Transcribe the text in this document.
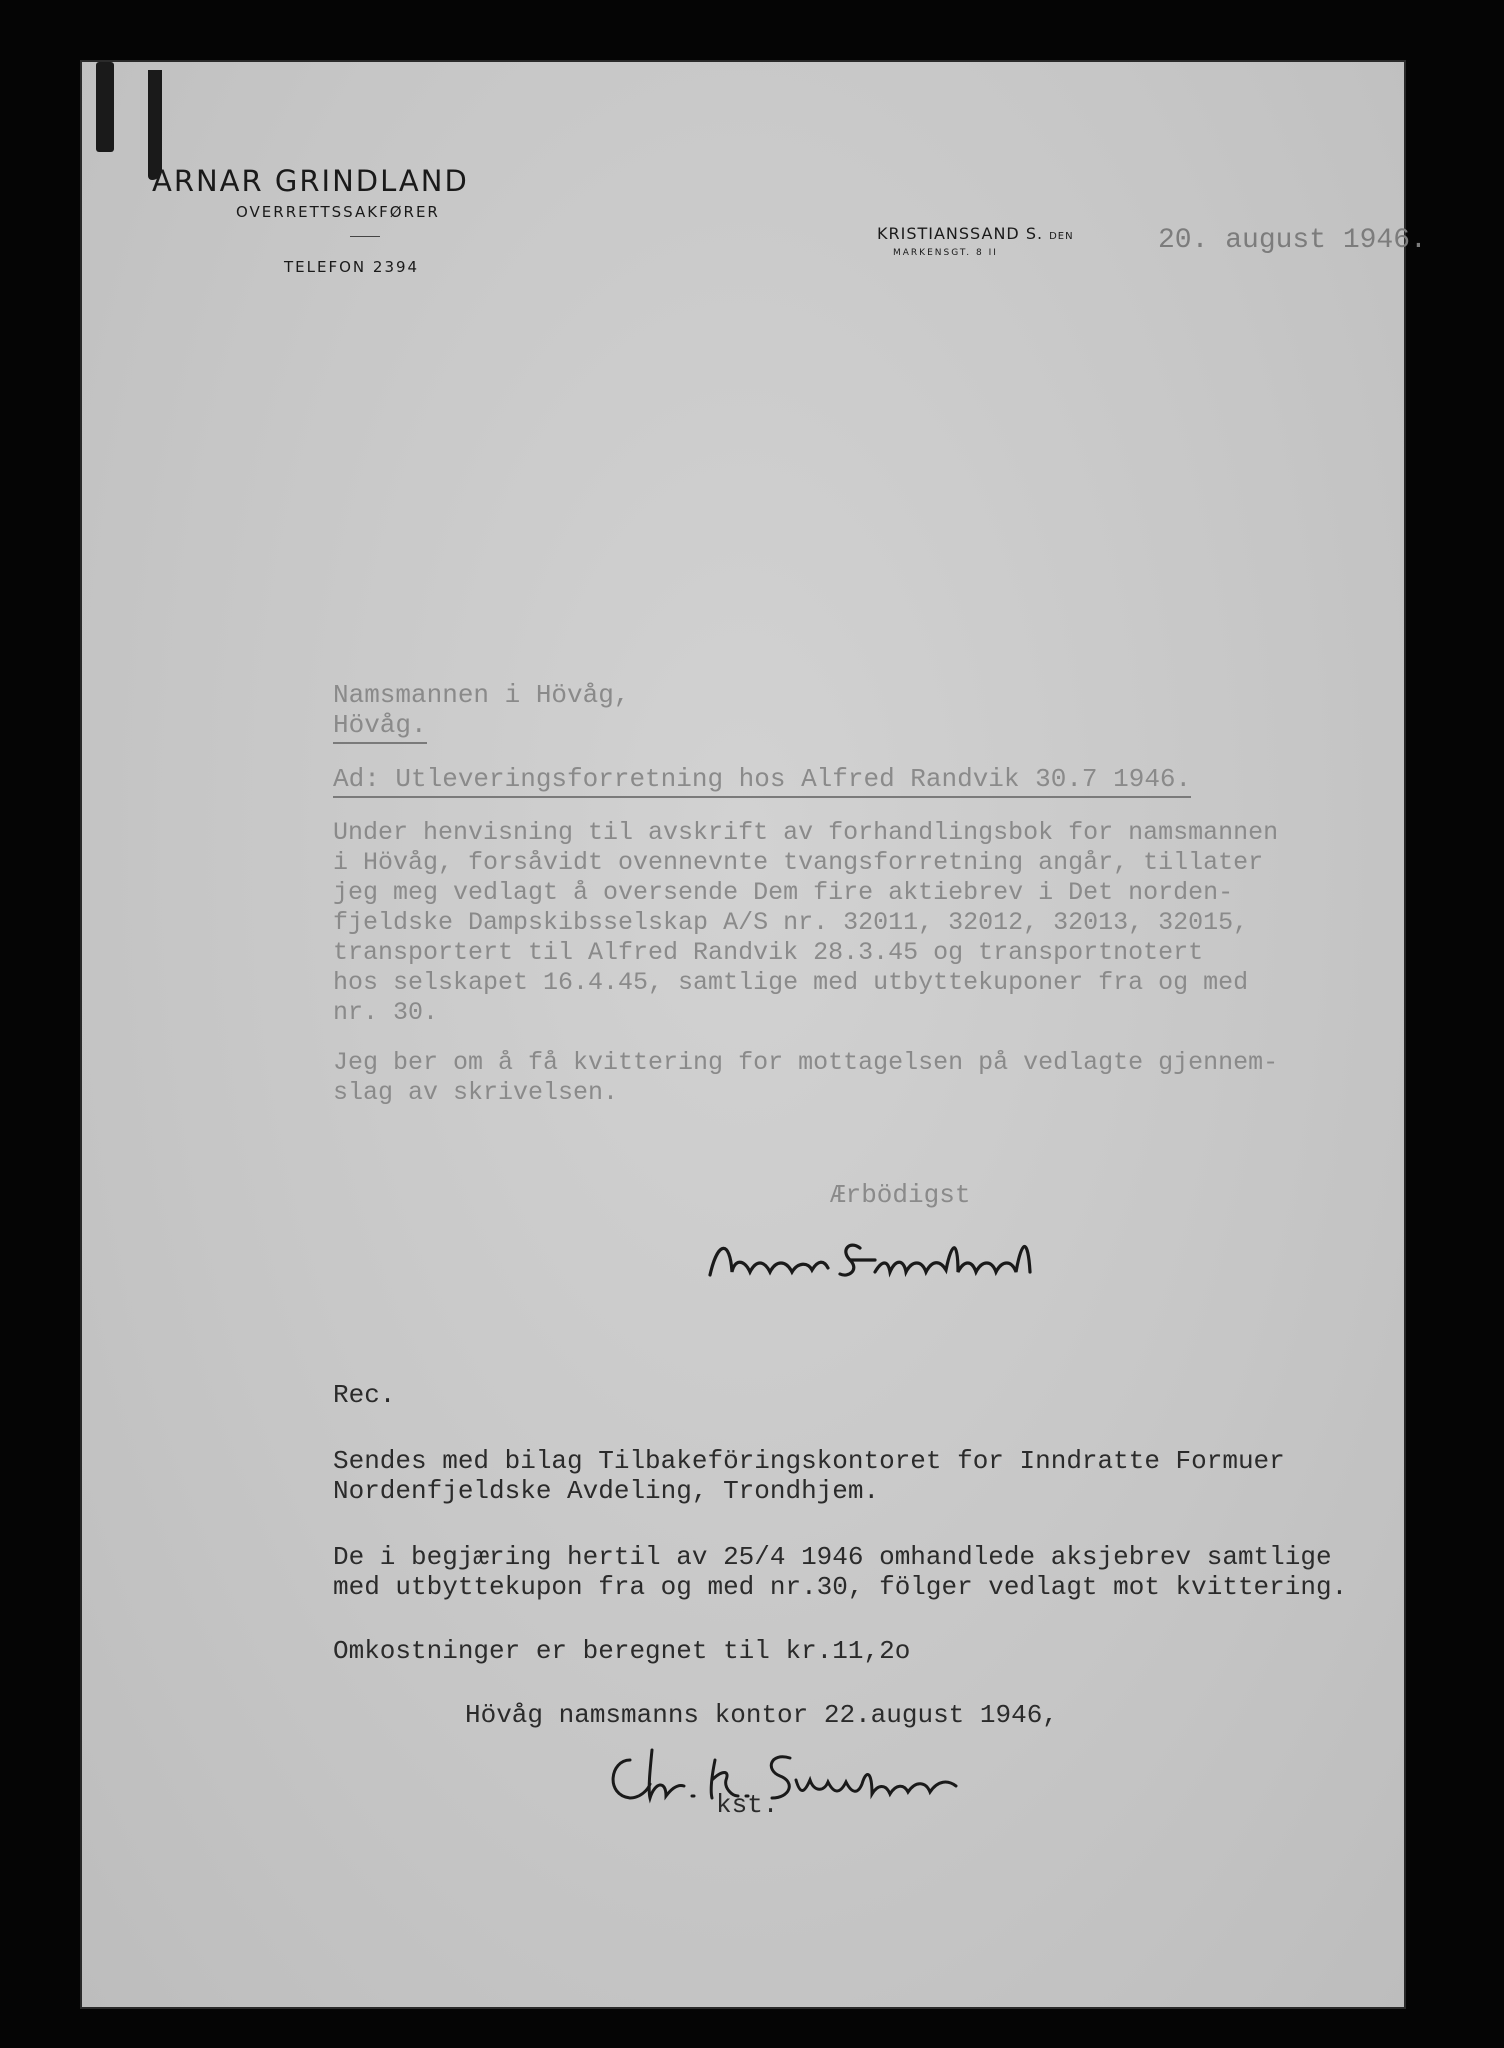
ARNAR GRINDLAND
OVERRETTSSAKFØRER
TELEFON 2394
KRISTIANSSAND S. DEN
MARKENSGT. 8 II	20. august 1946.
Namsmannen i Hövåg,
Hövåg.
Ad: Utleveringsforretning hos Alfred Randvik 30.7 1946.
Under henvisning til avskrift av forhandlingsbok for namsmannen
i Hövåg, forsåvidt ovennevnte tvangsforretning angår, tillater
jeg meg vedlagt å oversende Dem fire aktiebrev i Det norden-
fjeldske Dampskibsselskap A/S nr. 32011, 32012, 32013, 32015,
transportert til Alfred Randvik 28.3.45 og transportnotert
hos selskapet 16.4.45, samtlige med utbyttekuponer fra og med
nr. 30.
Jeg ber om å få kvittering for mottagelsen på vedlagte gjennem-
slag av skrivelsen.
Ærbödigst
Rec.
Sendes med bilag Tilbakeföringskontoret for Inndratte Formuer
Nordenfjeldske Avdeling, Trondhjem.
De i begjæring hertil av 25/4 1946 omhandlede aksjebrev samtlige
med utbyttekupon fra og med nr.30, fölger vedlagt mot kvittering.
Omkostninger er beregnet til kr.11,2o
Hövåg namsmanns kontor 22.august 1946,
kst.
